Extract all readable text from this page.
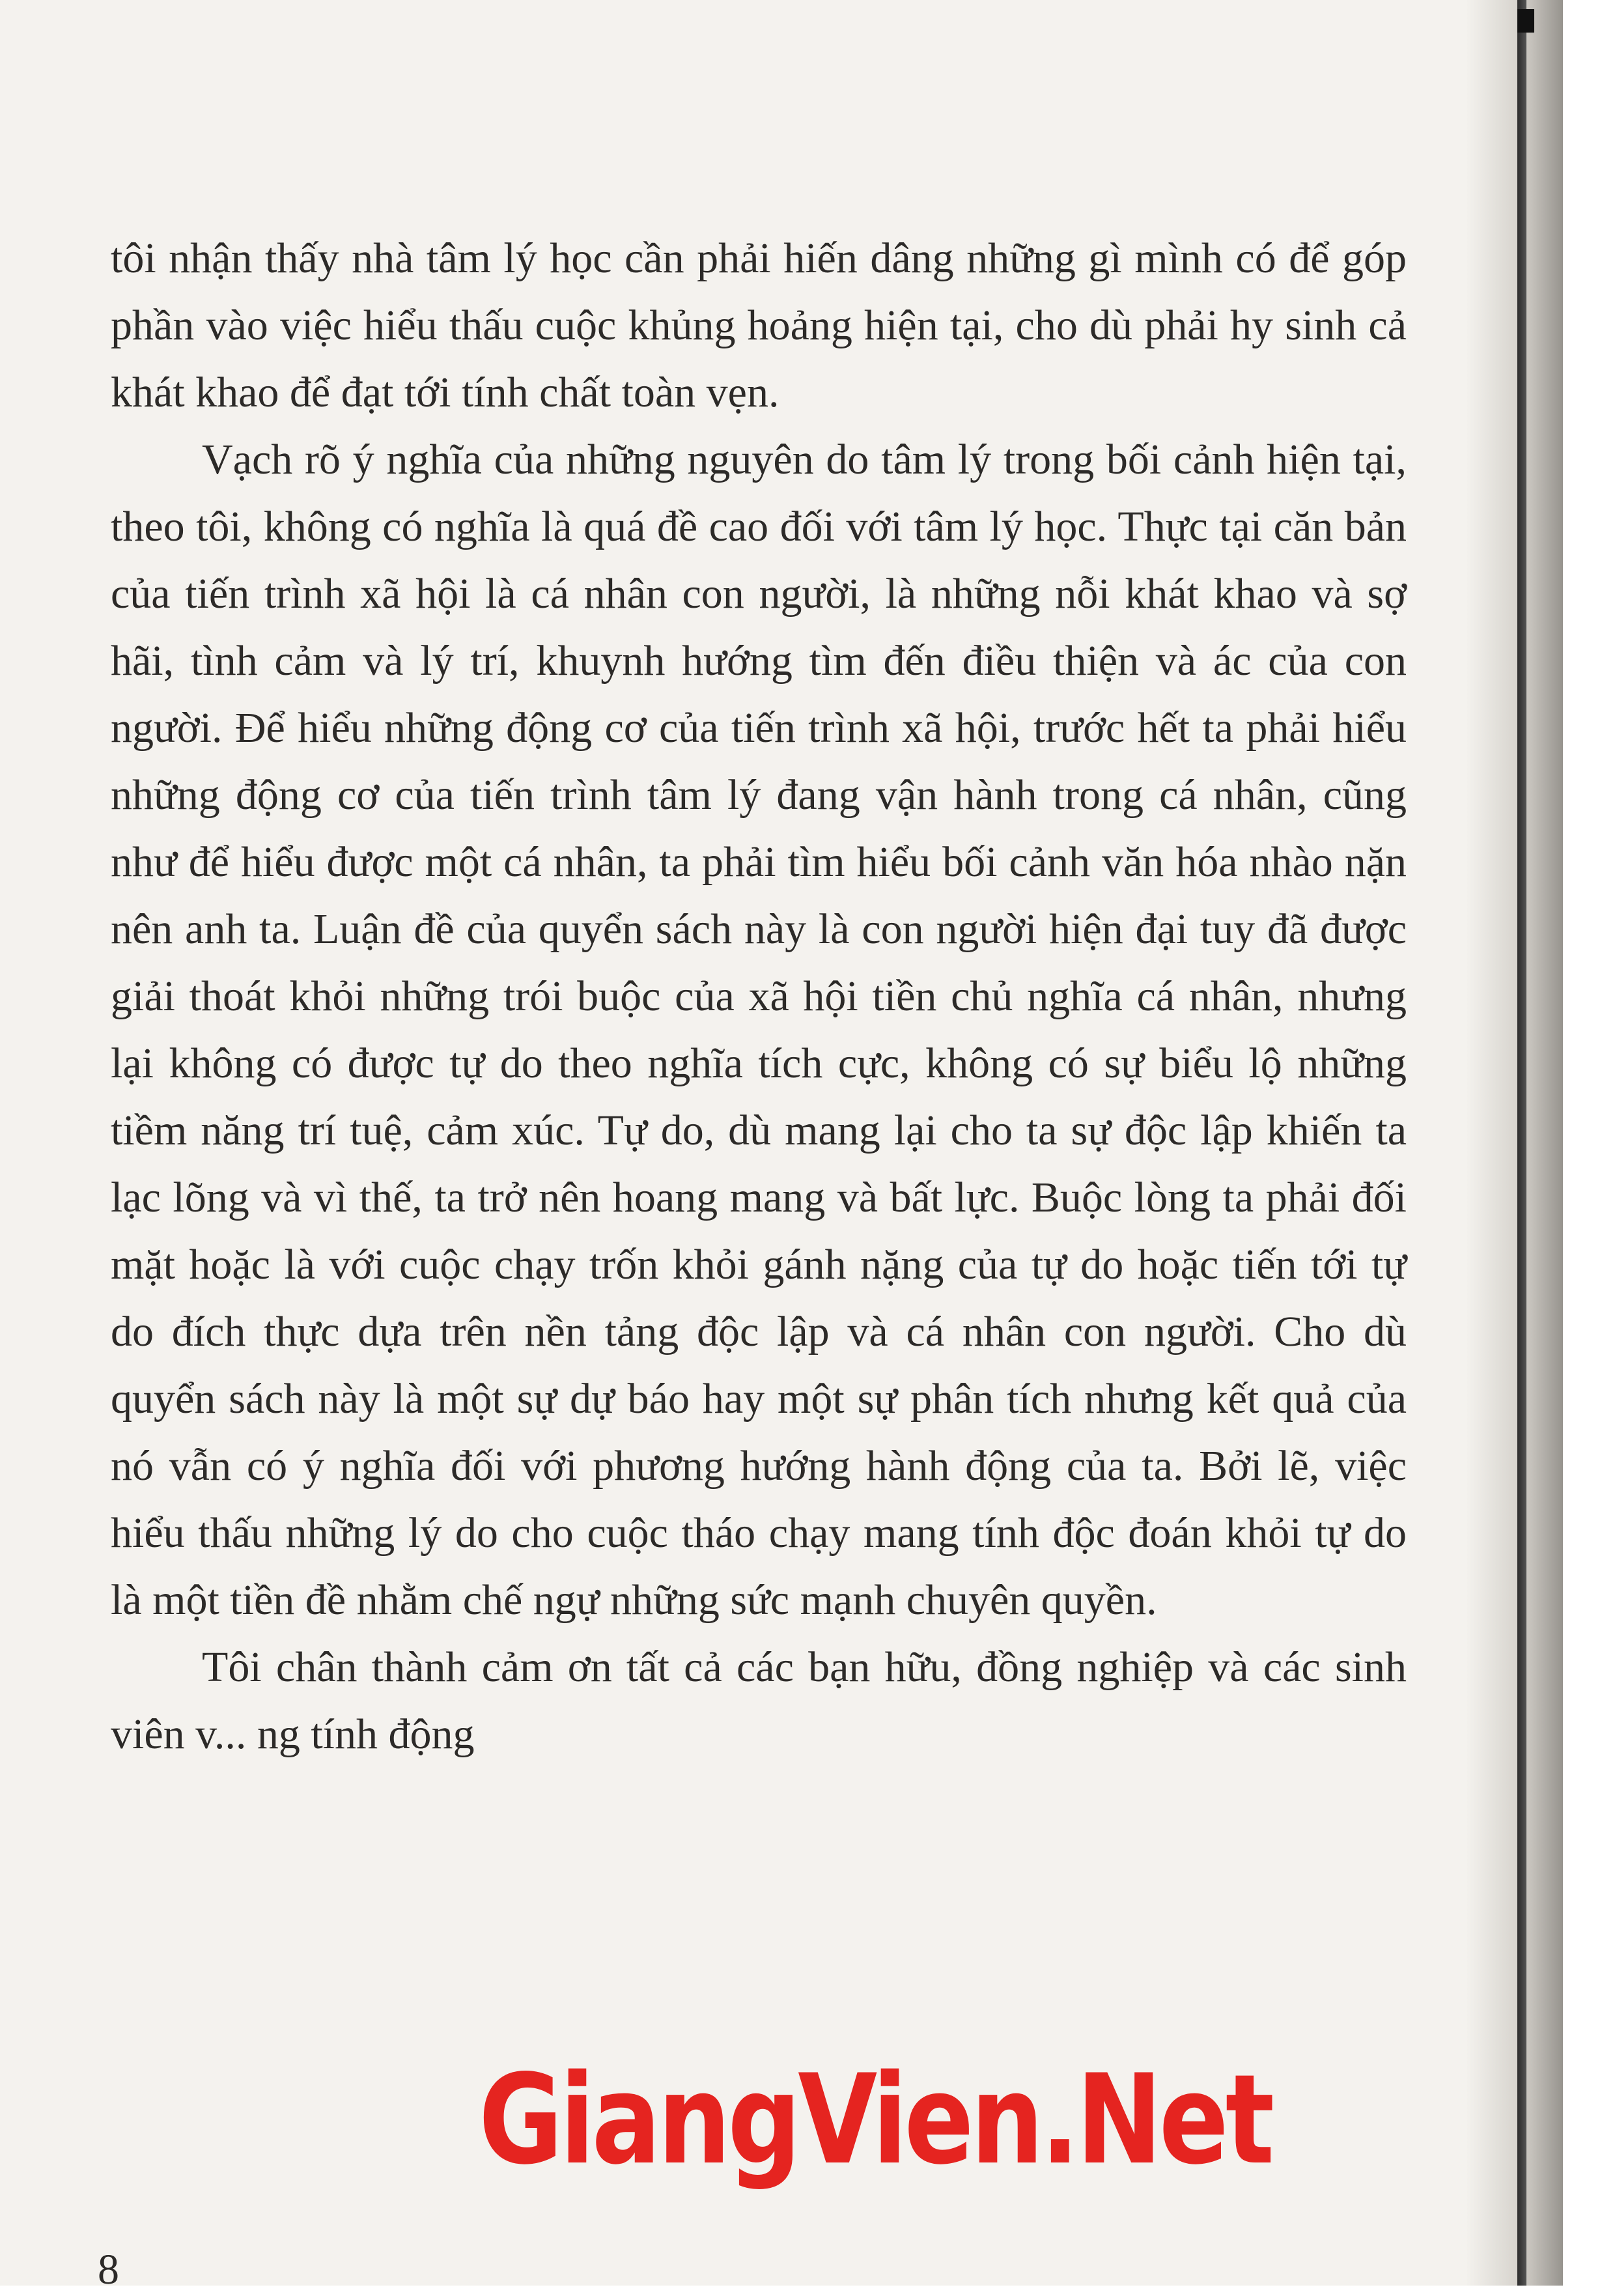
tôi nhận thấy nhà tâm lý học cần phải hiến dâng những gì mình có để góp phần vào việc hiểu thấu cuộc khủng hoảng hiện tại, cho dù phải hy sinh cả khát khao để đạt tới tính chất toàn vẹn.

Vạch rõ ý nghĩa của những nguyên do tâm lý trong bối cảnh hiện tại, theo tôi, không có nghĩa là quá đề cao đối với tâm lý học. Thực tại căn bản của tiến trình xã hội là cá nhân con người, là những nỗi khát khao và sợ hãi, tình cảm và lý trí, khuynh hướng tìm đến điều thiện và ác của con người. Để hiểu những động cơ của tiến trình xã hội, trước hết ta phải hiểu những động cơ của tiến trình tâm lý đang vận hành trong cá nhân, cũng như để hiểu được một cá nhân, ta phải tìm hiểu bối cảnh văn hóa nhào nặn nên anh ta. Luận đề của quyển sách này là con người hiện đại tuy đã được giải thoát khỏi những trói buộc của xã hội tiền chủ nghĩa cá nhân, nhưng lại không có được tự do theo nghĩa tích cực, không có sự biểu lộ những tiềm năng trí tuệ, cảm xúc. Tự do, dù mang lại cho ta sự độc lập khiến ta lạc lõng và vì thế, ta trở nên hoang mang và bất lực. Buộc lòng ta phải đối mặt hoặc là với cuộc chạy trốn khỏi gánh nặng của tự do hoặc tiến tới tự do đích thực dựa trên nền tảng độc lập và cá nhân con người. Cho dù quyển sách này là một sự dự báo hay một sự phân tích nhưng kết quả của nó vẫn có ý nghĩa đối với phương hướng hành động của ta. Bởi lẽ, việc hiểu thấu những lý do cho cuộc tháo chạy mang tính độc đoán khỏi tự do là một tiền đề nhằm chế ngự những sức mạnh chuyên quyền.

Tôi chân thành cảm ơn tất cả các bạn hữu, đồng nghiệp và các sinh viên v... ng tính động

GiangVien.Net
8
